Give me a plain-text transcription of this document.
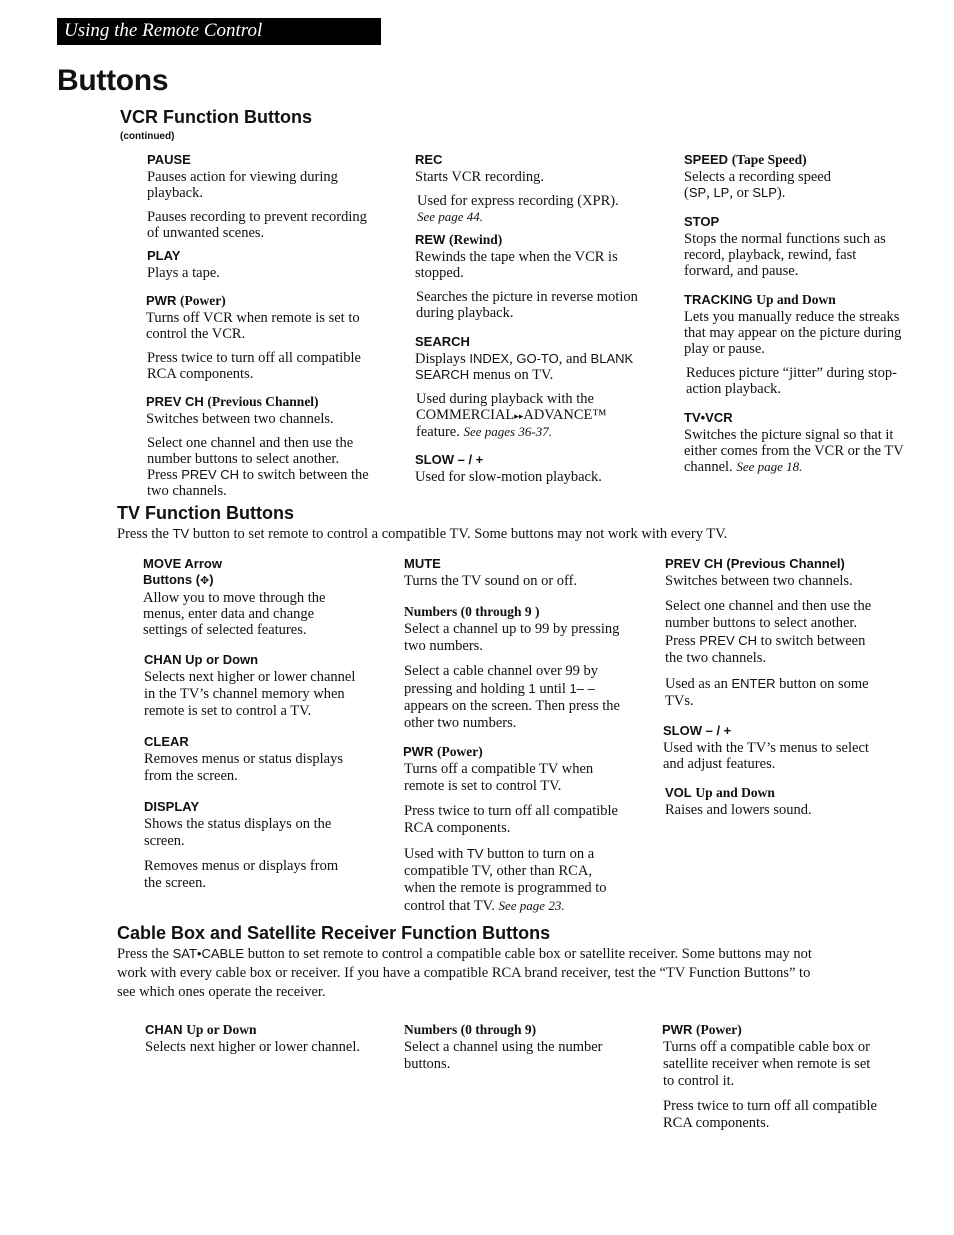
Using the Remote Control
Buttons
VCR Function Buttons
(continued)
PAUSE

Pauses action for viewing during playback.

Pauses recording to prevent recording of unwanted scenes.

PLAY

Plays a tape.

PWR (Power)

Turns off VCR when remote is set to control the VCR.

Press twice to turn off all compatible RCA components.

PREV CH (Previous Channel)

Switches between two channels.

Select one channel and then use the number buttons to select another. Press PREV CH to switch between the two channels.

REC

Starts VCR recording.

Used for express recording (XPR).

See page 44.

REW (Rewind)

Rewinds the tape when the VCR is stopped.

Searches the picture in reverse motion during playback.

SEARCH

Displays INDEX, GO-TO, and BLANK SEARCH menus on TV.

Used during playback with the COMMERCIAL▸▸ADVANCE™ feature. See pages 36-37.

SLOW – / +

Used for slow-motion playback.

SPEED (Tape Speed)

Selects a recording speed

(SP, LP, or SLP).

STOP

Stops the normal functions such as record, playback, rewind, fast forward, and pause.

TRACKING Up and Down

Lets you manually reduce the streaks that may appear on the picture during play or pause.

Reduces picture “jitter” during stop-action playback.

TV•VCR

Switches the picture signal so that it either comes from the VCR or the TV channel. See page 18.

TV Function Buttons
Press the TV button to set remote to control a compatible TV. Some buttons may not work with every TV.
MOVE Arrow
Buttons (✥)

Allow you to move through the menus, enter data and change settings of selected features.

CHAN Up or Down

Selects next higher or lower channel in the TV’s channel memory when remote is set to control a TV.

CLEAR

Removes menus or status displays from the screen.

DISPLAY

Shows the status displays on the screen.

Removes menus or displays from the screen.

MUTE

Turns the TV sound on or off.

Numbers (0 through 9 )

Select a channel up to 99 by pressing two numbers.

Select a cable channel over 99 by pressing and holding 1 until 1– – appears on the screen. Then press the other two numbers.

PWR (Power)

Turns off a compatible TV when remote is set to control TV.

Press twice to turn off all compatible RCA components.

Used with TV button to turn on a compatible TV, other than RCA, when the remote is programmed to control that TV. See page 23.

PREV CH (Previous Channel)

Switches between two channels.

Select one channel and then use the number buttons to select another. Press PREV CH to switch between the two channels.

Used as an ENTER button on some TVs.

SLOW – / +

Used with the TV’s menus to select and adjust features.

VOL Up and Down

Raises and lowers sound.

Cable Box and Satellite Receiver Function Buttons
Press the SAT•CABLE button to set remote to control a compatible cable box or satellite receiver. Some buttons may not work with every cable box or receiver. If you have a compatible RCA brand receiver, test the “TV Function Buttons” to see which ones operate the receiver.
CHAN Up or Down

Selects next higher or lower channel.

Numbers (0 through 9)

Select a channel using the number buttons.

PWR (Power)

Turns off a compatible cable box or satellite receiver when remote is set to control it.

Press twice to turn off all compatible RCA components.
